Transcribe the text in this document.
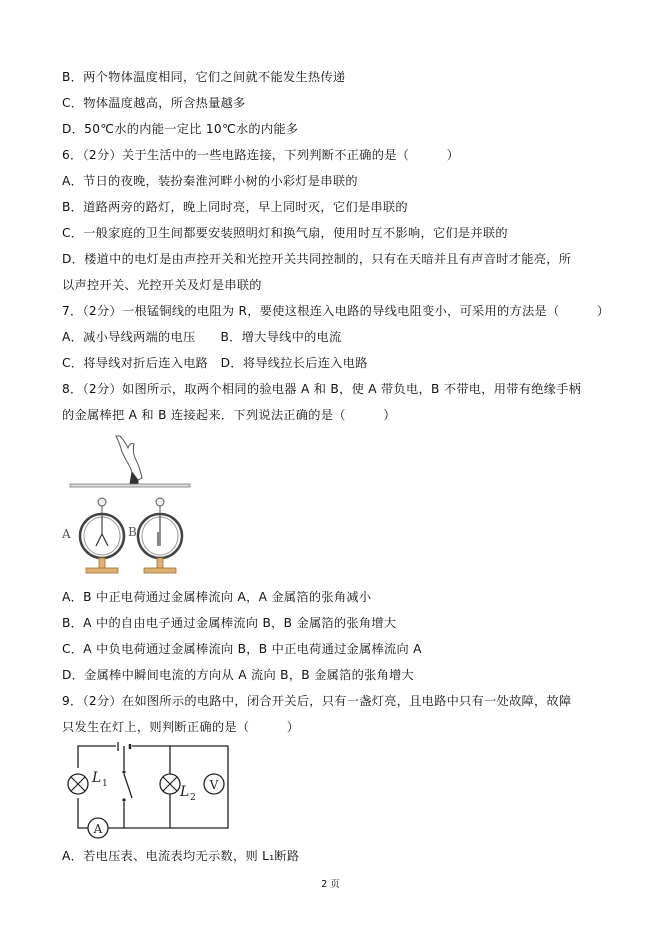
B．两个物体温度相同，它们之间就不能发生热传递
C．物体温度越高，所含热量越多
D．50℃水的内能一定比 10℃水的内能多
6．（2分）关于生活中的一些电路连接，下列判断不正确的是（　　　）
A．节日的夜晚，装扮秦淮河畔小树的小彩灯是串联的
B．道路两旁的路灯，晚上同时亮，早上同时灭，它们是串联的
C．一般家庭的卫生间都要安装照明灯和换气扇，使用时互不影响，它们是并联的
D．楼道中的电灯是由声控开关和光控开关共同控制的，只有在天暗并且有声音时才能亮，所
以声控开关、光控开关及灯是串联的
7．（2分）一根锰铜线的电阻为 R，要使这根连入电路的导线电阻变小，可采用的方法是（　　　）
A．减小导线两端的电压　　B．增大导线中的电流
C．将导线对折后连入电路　D．将导线拉长后连入电路
8．（2分）如图所示，取两个相同的验电器 A 和 B，使 A 带负电，B 不带电，用带有绝缘手柄
的金属棒把 A 和 B 连接起来．下列说法正确的是（　　　）
A	B
A．B 中正电荷通过金属棒流向 A，A 金属箔的张角减小
B．A 中的自由电子通过金属棒流向 B，B 金属箔的张角增大
C．A 中负电荷通过金属棒流向 B，B 中正电荷通过金属棒流向 A
D．金属棒中瞬间电流的方向从 A 流向 B，B 金属箔的张角增大
9．（2分）在如图所示的电路中，闭合开关后，只有一盏灯亮，且电路中只有一处故障，故障
只发生在灯上，则判断正确的是（　　　）
L 1	L 2
V
A
A．若电压表、电流表均无示数，则 L₁断路
2 页
